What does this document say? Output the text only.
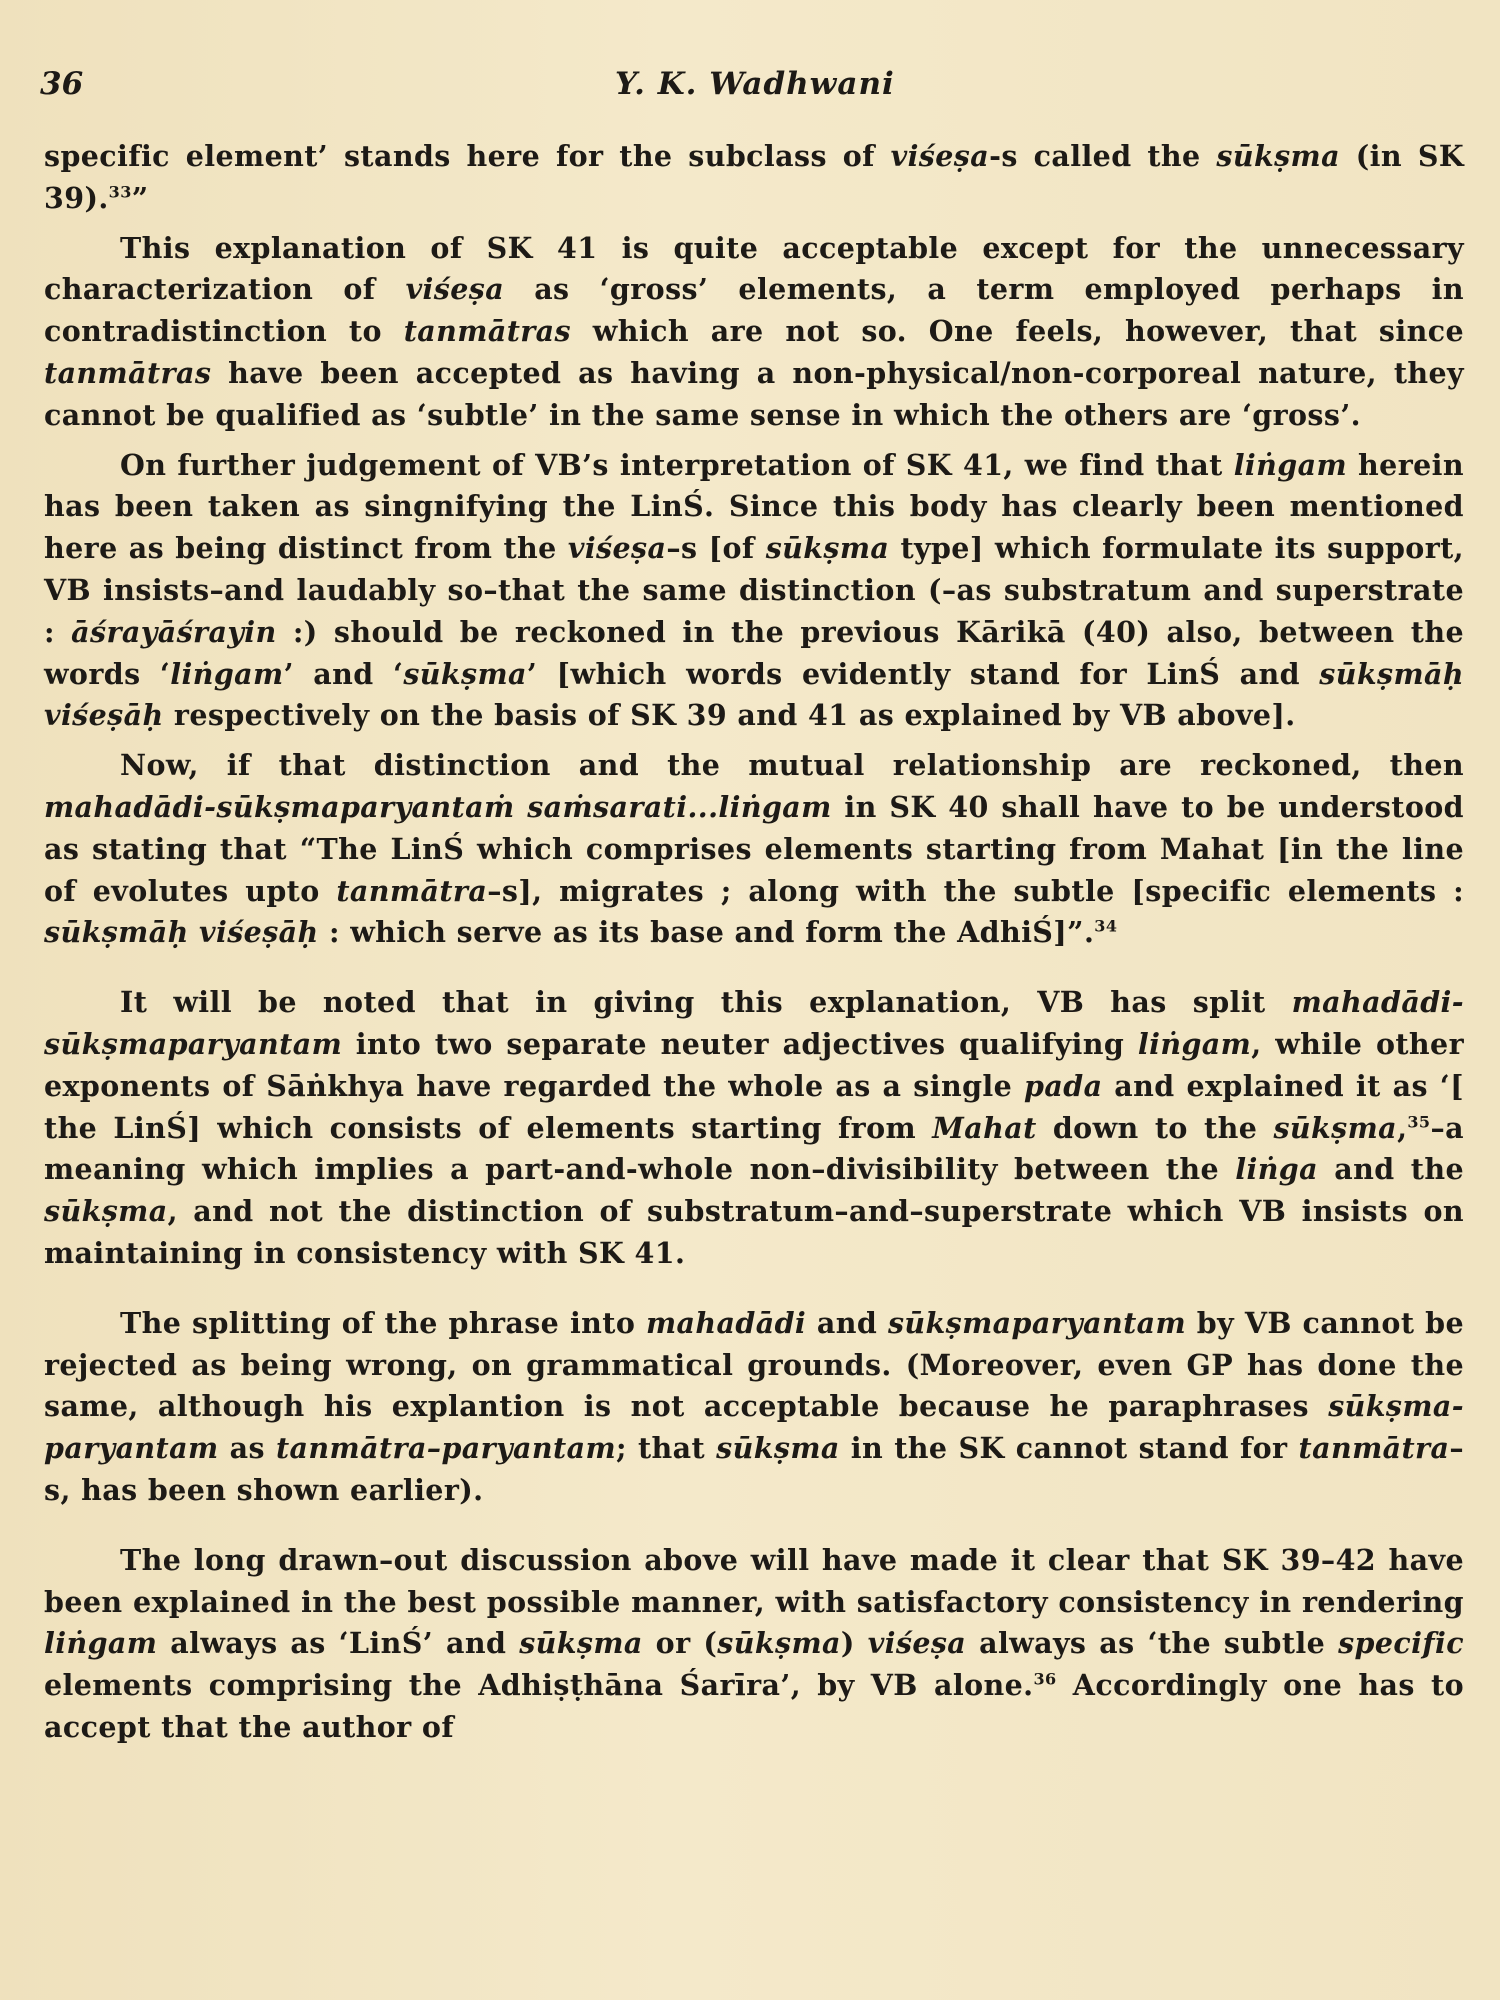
36	Y. K. Wadhwani

specific element’ stands here for the subclass of viśeṣa-s called the sūkṣma (in SK 39).$^{33}$”

This explanation of SK 41 is quite acceptable except for the unnecessary characterization of viśeṣa as ‘gross’ elements, a term employed perhaps in contradistinction to tanmātras which are not so. One feels, however, that since tanmātras have been accepted as having a non-physical/non-corporeal nature, they cannot be qualified as ‘subtle’ in the same sense in which the others are ‘gross’.

On further judgement of VB’s interpretation of SK 41, we find that liṅgam herein has been taken as singnifying the LinŚ. Since this body has clearly been mentioned here as being distinct from the viśeṣa–s [of sūkṣma type] which formulate its support, VB insists–and laudably so–that the same distinction (–as substratum and superstrate : āśrayāśrayin :) should be reckoned in the previous Kārikā (40) also, between the words ‘liṅgam’ and ‘sūkṣma’ [which words evidently stand for LinŚ and sūkṣmāḥ viśeṣāḥ respectively on the basis of SK 39 and 41 as explained by VB above].

Now, if that distinction and the mutual relationship are reckoned, then mahadādi-sūkṣmaparyantaṁ saṁsarati...liṅgam in SK 40 shall have to be understood as stating that “The LinŚ which comprises elements starting from Mahat [in the line of evolutes upto tanmātra–s], migrates ; along with the subtle [specific elements : sūkṣmāḥ viśeṣāḥ : which serve as its base and form the AdhiŚ]”.$^{34}$

It will be noted that in giving this explanation, VB has split mahadādi-sūkṣmaparyantam into two separate neuter adjectives qualifying liṅgam, while other exponents of Sāṅkhya have regarded the whole as a single pada and explained it as ‘[ the LinŚ] which consists of elements starting from Mahat down to the sūkṣma,$^{35}$–a meaning which implies a part-and-whole non–divisibility between the liṅga and the sūkṣma, and not the distinction of substratum–and–superstrate which VB insists on maintaining in consistency with SK 41.

The splitting of the phrase into mahadādi and sūkṣmaparyantam by VB cannot be rejected as being wrong, on grammatical grounds. (Moreover, even GP has done the same, although his explantion is not acceptable because he paraphrases sūkṣma-paryantam as tanmātra–paryantam; that sūkṣma in the SK cannot stand for tanmātra–s, has been shown earlier).

The long drawn–out discussion above will have made it clear that SK 39–42 have been explained in the best possible manner, with satisfactory consistency in rendering liṅgam always as ‘LinŚ’ and sūkṣma or (sūkṣma) viśeṣa always as ‘the subtle specific elements comprising the Adhiṣṭhāna Śarīra’, by VB alone.$^{36}$ Accordingly one has to accept that the author of
